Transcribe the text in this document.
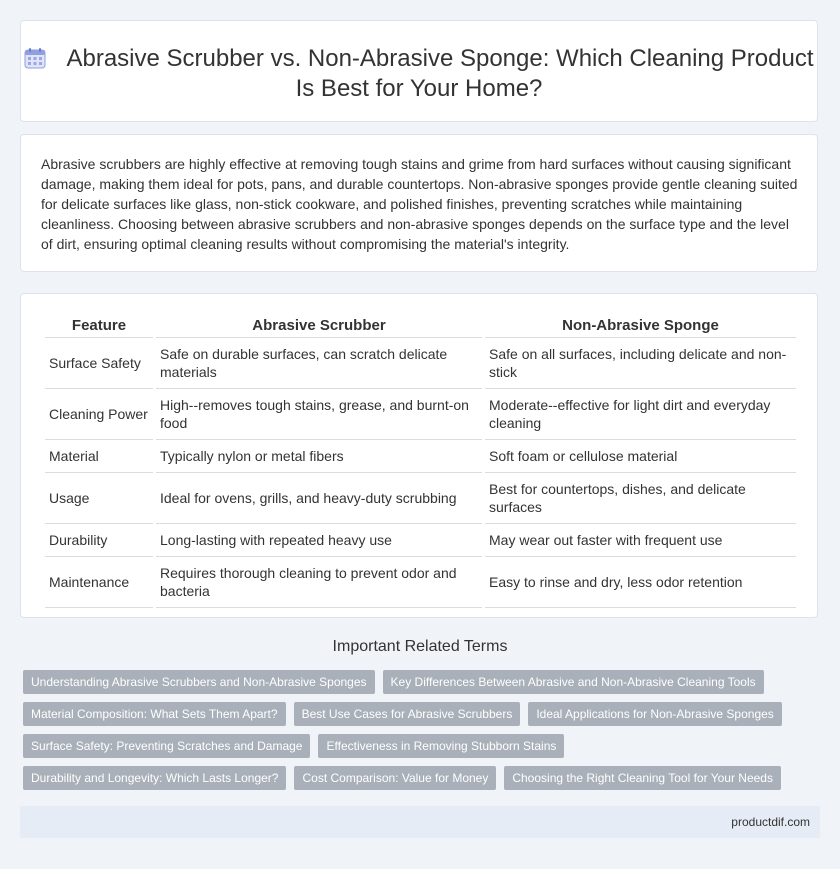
Abrasive Scrubber vs. Non-Abrasive Sponge: Which Cleaning Product Is Best for Your Home?
Abrasive scrubbers are highly effective at removing tough stains and grime from hard surfaces without causing significant damage, making them ideal for pots, pans, and durable countertops. Non-abrasive sponges provide gentle cleaning suited for delicate surfaces like glass, non-stick cookware, and polished finishes, preventing scratches while maintaining cleanliness. Choosing between abrasive scrubbers and non-abrasive sponges depends on the surface type and the level of dirt, ensuring optimal cleaning results without compromising the material's integrity.
Feature	Abrasive Scrubber	Non-Abrasive Sponge
Surface Safety	Safe on durable surfaces, can scratch delicate materials	Safe on all surfaces, including delicate and non-stick
Cleaning Power	High--removes tough stains, grease, and burnt-on food	Moderate--effective for light dirt and everyday cleaning
Material	Typically nylon or metal fibers	Soft foam or cellulose material
Usage	Ideal for ovens, grills, and heavy-duty scrubbing	Best for countertops, dishes, and delicate surfaces
Durability	Long-lasting with repeated heavy use	May wear out faster with frequent use
Maintenance	Requires thorough cleaning to prevent odor and bacteria	Easy to rinse and dry, less odor retention
Important Related Terms
Understanding Abrasive Scrubbers and Non-Abrasive Sponges	Key Differences Between Abrasive and Non-Abrasive Cleaning Tools
Material Composition: What Sets Them Apart?	Best Use Cases for Abrasive Scrubbers	Ideal Applications for Non-Abrasive Sponges
Surface Safety: Preventing Scratches and Damage	Effectiveness in Removing Stubborn Stains
Durability and Longevity: Which Lasts Longer?	Cost Comparison: Value for Money	Choosing the Right Cleaning Tool for Your Needs
productdif.com
